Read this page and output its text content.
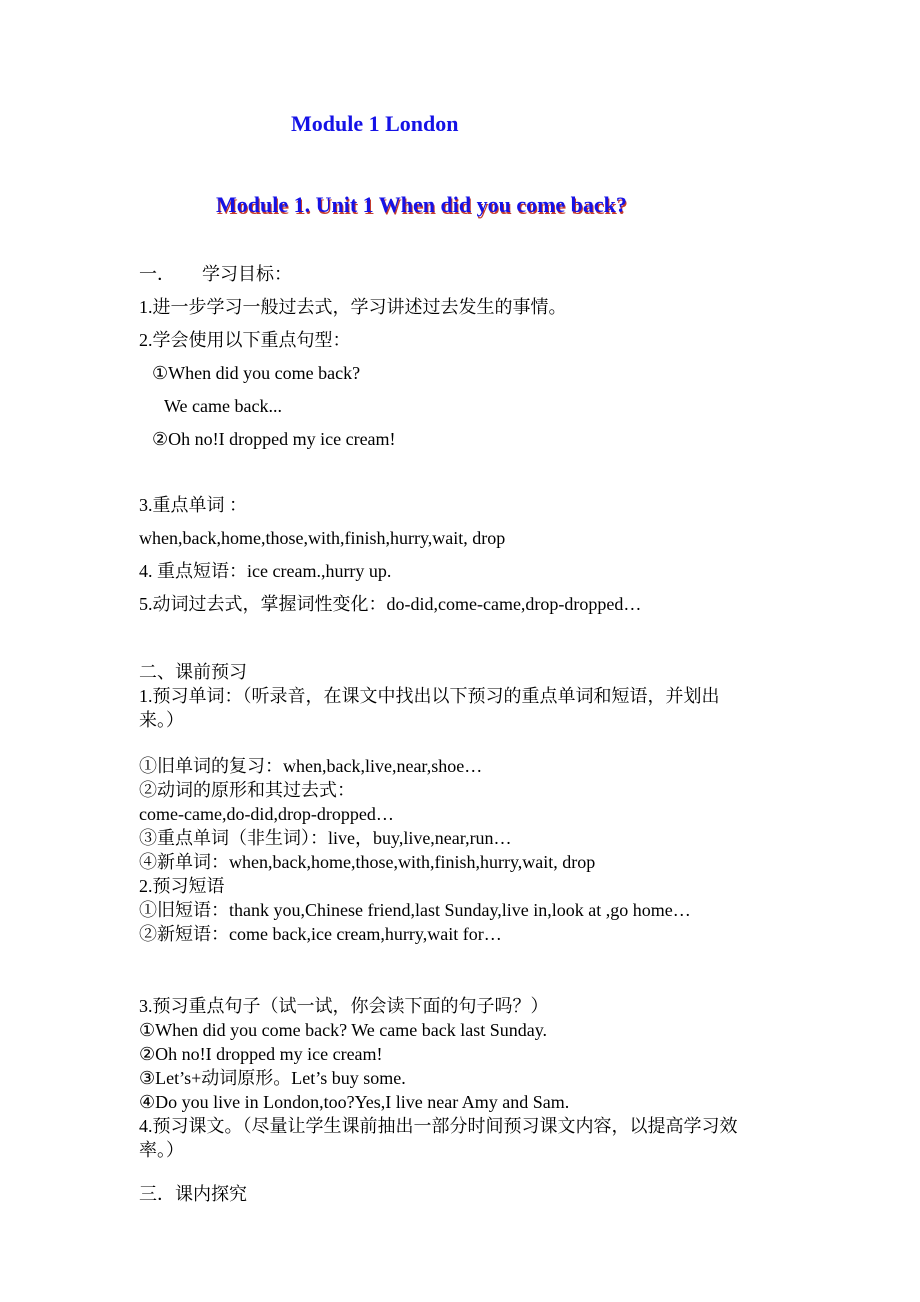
Module 1 London
Module 1. Unit 1 When did you come back?

一．      学习目标：

1.进一步学习一般过去式，学习讲述过去发生的事情。

2.学会使用以下重点句型：

①When did you come back?

We came back...

②Oh no!I dropped my ice cream!

3.重点单词 ：

when,back,home,those,with,finish,hurry,wait, drop

4. 重点短语：ice cream.,hurry up.

5.动词过去式，掌握词性变化：do-did,come-came,drop-dropped…

二、课前预习

1.预习单词：（听录音，在课文中找出以下预习的重点单词和短语，并划出来。）

①旧单词的复习：when,back,live,near,shoe…

②动词的原形和其过去式：

come-came,do-did,drop-dropped…

③重点单词（非生词）：live，buy,live,near,run…

④新单词：when,back,home,those,with,finish,hurry,wait, drop

2.预习短语

①旧短语：thank you,Chinese friend,last Sunday,live in,look at ,go home…

②新短语：come back,ice cream,hurry,wait for…

3.预习重点句子（试一试，你会读下面的句子吗？）

①When did you come back? We came back last Sunday.

②Oh no!I dropped my ice cream!

③Let’s+动词原形。Let’s buy some.

④Do you live in London,too?Yes,I live near Amy and Sam.

4.预习课文。（尽量让学生课前抽出一部分时间预习课文内容，以提高学习效率。）

三．课内探究
